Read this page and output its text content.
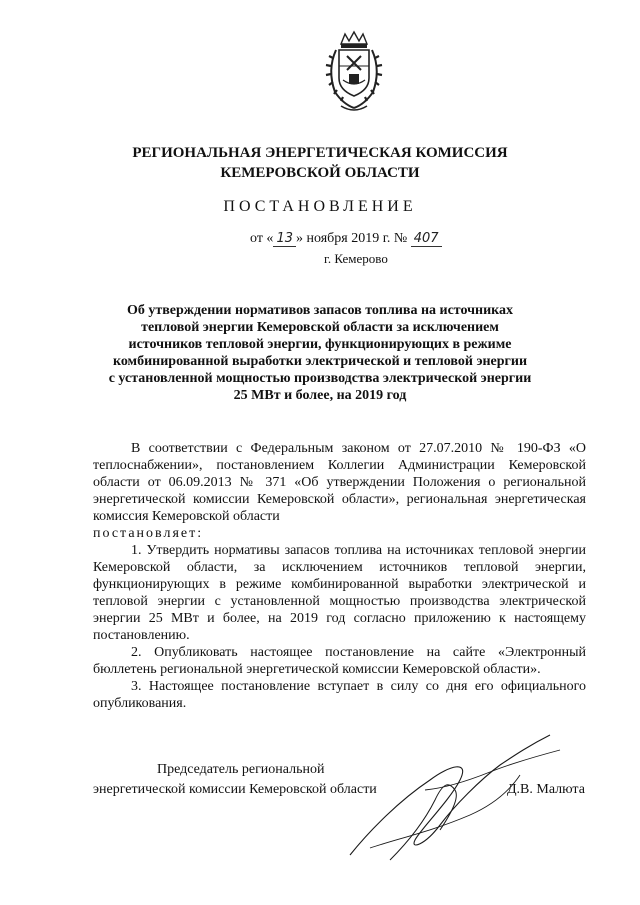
РЕГИОНАЛЬНАЯ ЭНЕРГЕТИЧЕСКАЯ КОМИССИЯ
КЕМЕРОВСКОЙ ОБЛАСТИ
ПОСТАНОВЛЕНИЕ
от « 13 » ноября 2019 г. № 407
г. Кемерово
Об утверждении нормативов запасов топлива на источниках
тепловой энергии Кемеровской области за исключением
источников тепловой энергии, функционирующих в режиме
комбинированной выработки электрической и тепловой энергии
с установленной мощностью производства электрической энергии
25 МВт и более, на 2019 год

В соответствии с Федеральным законом от 27.07.2010 № 190-ФЗ «О теплоснабжении», постановлением Коллегии Администрации Кемеровской области от 06.09.2013 № 371 «Об утверждении Положения о региональной энергетической комиссии Кемеровской области», региональная энергетическая комиссия Кемеровской области

постановляет:

1. Утвердить нормативы запасов топлива на источниках тепловой энергии Кемеровской области, за исключением источников тепловой энергии, функционирующих в режиме комбинированной выработки электрической и тепловой энергии с установленной мощностью производства электрической энергии 25 МВт и более, на 2019 год согласно приложению к настоящему постановлению.

2. Опубликовать настоящее постановление на сайте «Электронный бюллетень региональной энергетической комиссии Кемеровской области».

3. Настоящее постановление вступает в силу со дня его официального опубликования.

Председатель региональной
энергетической комиссии Кемеровской области	Д.В. Малюта
